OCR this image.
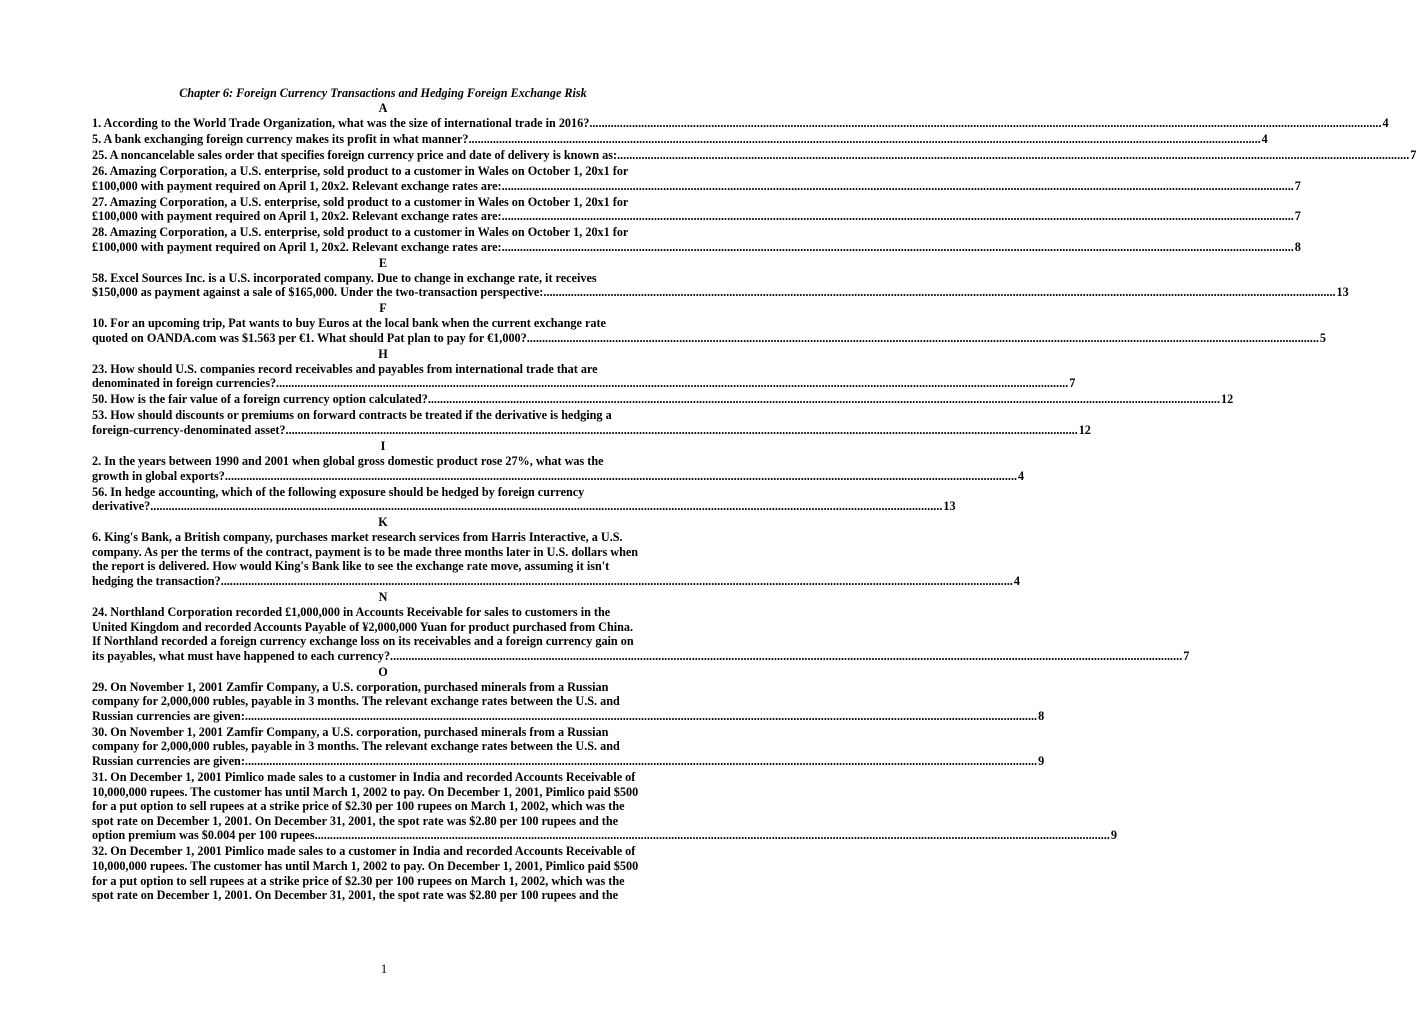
Chapter 6: Foreign Currency Transactions and Hedging Foreign Exchange Risk

A

1. According to the World Trade Organization, what was the size of international trade in 2016? .................................................................................................................................................................................................................................................................... 4
5. A bank exchanging foreign currency makes its profit in what manner? .................................................................................................................................................................................................................................................................... 4
25. A noncancelable sales order that specifies foreign currency price and date of delivery is known as: .................................................................................................................................................................................................................................................................... 7
26. Amazing Corporation, a U.S. enterprise, sold product to a customer in Wales on October 1, 20x1 for
£100,000 with payment required on April 1, 20x2. Relevant exchange rates are: .................................................................................................................................................................................................................................................................... 7
27. Amazing Corporation, a U.S. enterprise, sold product to a customer in Wales on October 1, 20x1 for
£100,000 with payment required on April 1, 20x2. Relevant exchange rates are: .................................................................................................................................................................................................................................................................... 7
28. Amazing Corporation, a U.S. enterprise, sold product to a customer in Wales on October 1, 20x1 for
£100,000 with payment required on April 1, 20x2. Relevant exchange rates are: .................................................................................................................................................................................................................................................................... 8

E

58. Excel Sources Inc. is a U.S. incorporated company. Due to change in exchange rate, it receives
$150,000 as payment against a sale of $165,000. Under the two-transaction perspective: .................................................................................................................................................................................................................................................................... 13

F

10. For an upcoming trip, Pat wants to buy Euros at the local bank when the current exchange rate
quoted on OANDA.com was $1.563 per €1. What should Pat plan to pay for €1,000? .................................................................................................................................................................................................................................................................... 5

H

23. How should U.S. companies record receivables and payables from international trade that are
denominated in foreign currencies? .................................................................................................................................................................................................................................................................... 7
50. How is the fair value of a foreign currency option calculated? .................................................................................................................................................................................................................................................................... 12
53. How should discounts or premiums on forward contracts be treated if the derivative is hedging a
foreign-currency-denominated asset? .................................................................................................................................................................................................................................................................... 12

I

2. In the years between 1990 and 2001 when global gross domestic product rose 27%, what was the
growth in global exports? .................................................................................................................................................................................................................................................................... 4
56. In hedge accounting, which of the following exposure should be hedged by foreign currency
derivative? .................................................................................................................................................................................................................................................................... 13

K

6. King's Bank, a British company, purchases market research services from Harris Interactive, a U.S.
company. As per the terms of the contract, payment is to be made three months later in U.S. dollars when
the report is delivered. How would King's Bank like to see the exchange rate move, assuming it isn't
hedging the transaction? .................................................................................................................................................................................................................................................................... 4

N

24. Northland Corporation recorded £1,000,000 in Accounts Receivable for sales to customers in the
United Kingdom and recorded Accounts Payable of ¥2,000,000 Yuan for product purchased from China.
If Northland recorded a foreign currency exchange loss on its receivables and a foreign currency gain on
its payables, what must have happened to each currency? .................................................................................................................................................................................................................................................................... 7

O

29. On November 1, 2001 Zamfir Company, a U.S. corporation, purchased minerals from a Russian
company for 2,000,000 rubles, payable in 3 months. The relevant exchange rates between the U.S. and
Russian currencies are given: .................................................................................................................................................................................................................................................................... 8
30. On November 1, 2001 Zamfir Company, a U.S. corporation, purchased minerals from a Russian
company for 2,000,000 rubles, payable in 3 months. The relevant exchange rates between the U.S. and
Russian currencies are given: .................................................................................................................................................................................................................................................................... 9
31. On December 1, 2001 Pimlico made sales to a customer in India and recorded Accounts Receivable of
10,000,000 rupees. The customer has until March 1, 2002 to pay. On December 1, 2001, Pimlico paid $500
for a put option to sell rupees at a strike price of $2.30 per 100 rupees on March 1, 2002, which was the
spot rate on December 1, 2001. On December 31, 2001, the spot rate was $2.80 per 100 rupees and the
option premium was $0.004 per 100 rupees. .................................................................................................................................................................................................................................................................... 9
32. On December 1, 2001 Pimlico made sales to a customer in India and recorded Accounts Receivable of
10,000,000 rupees. The customer has until March 1, 2002 to pay. On December 1, 2001, Pimlico paid $500
for a put option to sell rupees at a strike price of $2.30 per 100 rupees on March 1, 2002, which was the
spot rate on December 1, 2001. On December 31, 2001, the spot rate was $2.80 per 100 rupees and the
1
